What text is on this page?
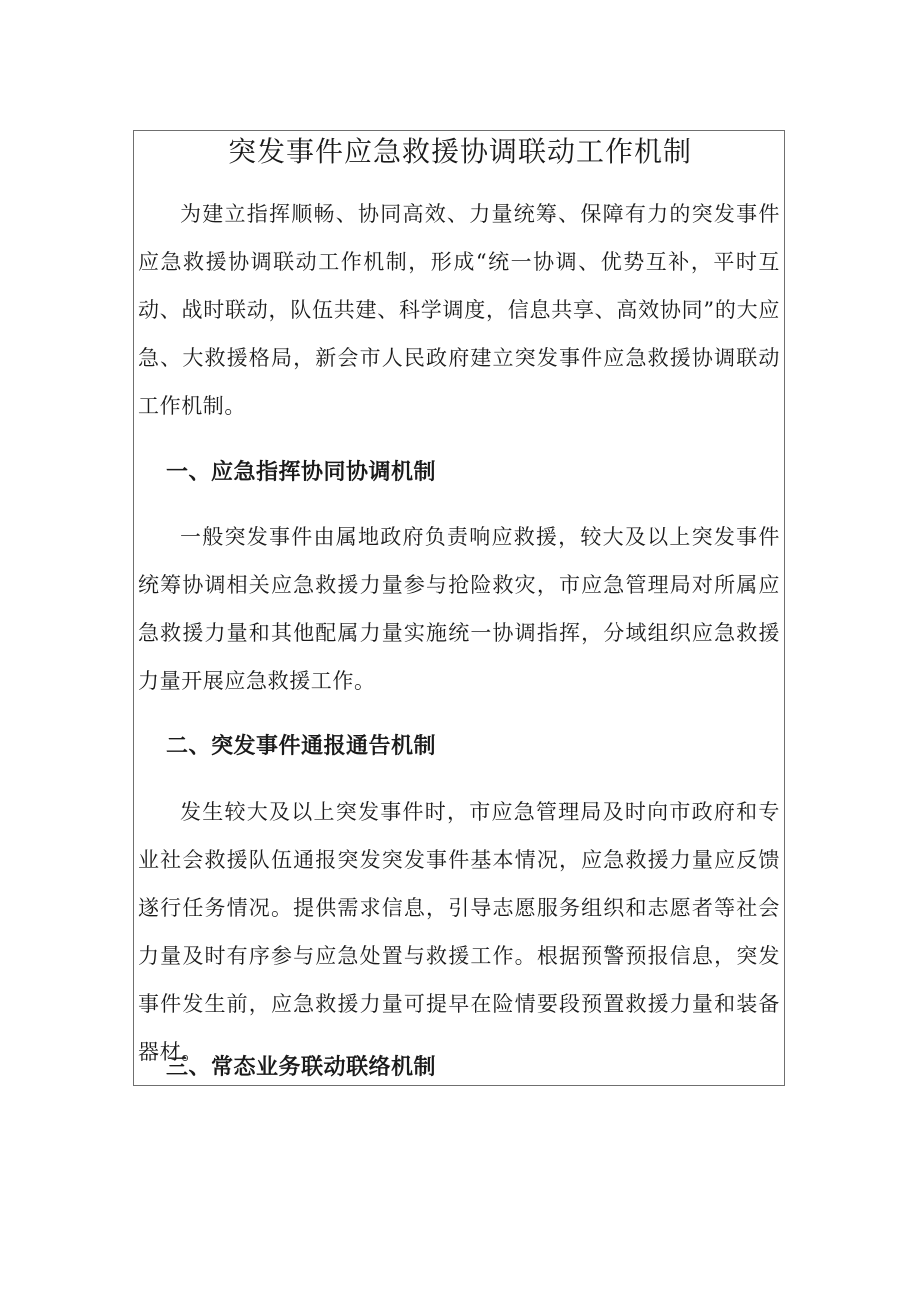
突发事件应急救援协调联动工作机制

为建立指挥顺畅、协同高效、力量统筹、保障有力的突发事件应急救援协调联动工作机制，形成“统一协调、优势互补，平时互动、战时联动，队伍共建、科学调度，信息共享、高效协同”的大应急、大救援格局，新会市人民政府建立突发事件应急救援协调联动工作机制。

一、应急指挥协同协调机制

一般突发事件由属地政府负责响应救援，较大及以上突发事件统筹协调相关应急救援力量参与抢险救灾，市应急管理局对所属应急救援力量和其他配属力量实施统一协调指挥，分域组织应急救援力量开展应急救援工作。

二、突发事件通报通告机制

发生较大及以上突发事件时，市应急管理局及时向市政府和专业社会救援队伍通报突发突发事件基本情况，应急救援力量应反馈遂行任务情况。提供需求信息，引导志愿服务组织和志愿者等社会力量及时有序参与应急处置与救援工作。根据预警预报信息，突发事件发生前，应急救援力量可提早在险情要段预置救援力量和装备器材。

三、常态业务联动联络机制
